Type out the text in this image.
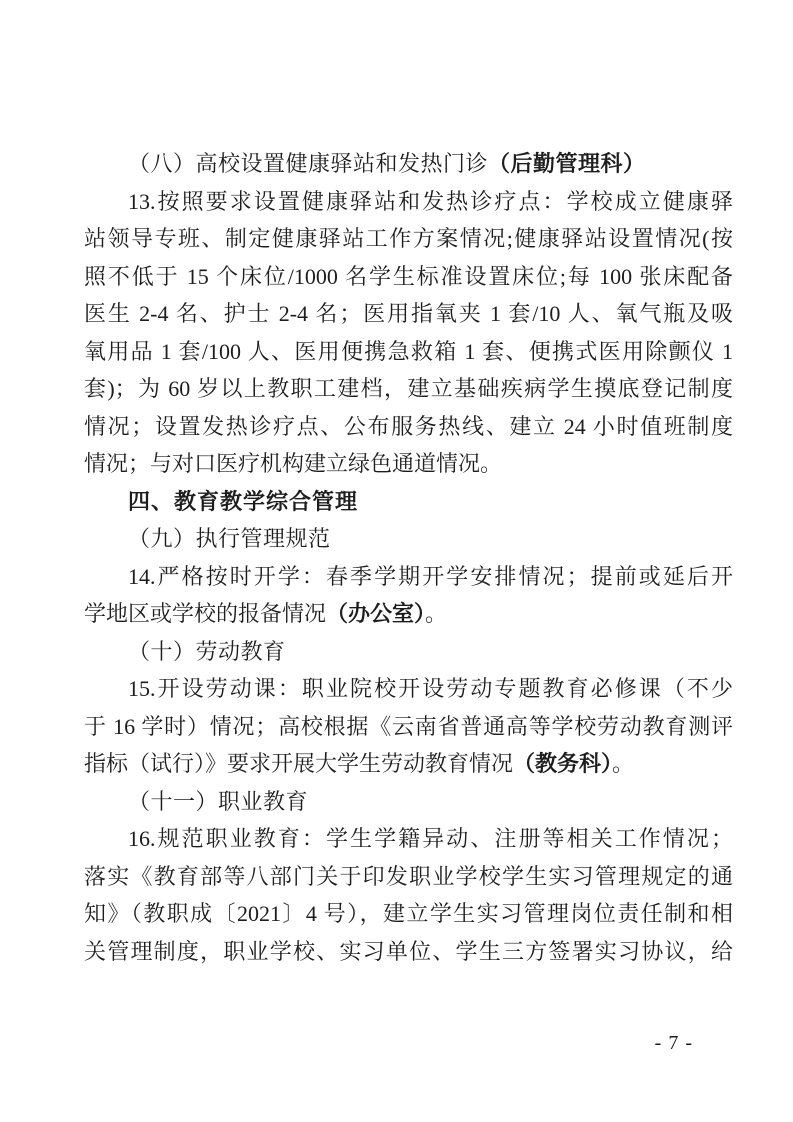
（八）高校设置健康驿站和发热门诊（后勤管理科）
13.按照要求设置健康驿站和发热诊疗点：学校成立健康驿
站领导专班、制定健康驿站工作方案情况;健康驿站设置情况(按
照不低于 15 个床位/1000 名学生标准设置床位;每 100 张床配备
医生 2-4 名、护士 2-4 名；医用指氧夹 1 套/10 人、氧气瓶及吸
氧用品 1 套/100 人、医用便携急救箱 1 套、便携式医用除颤仪 1
套)；为 60 岁以上教职工建档，建立基础疾病学生摸底登记制度
情况；设置发热诊疗点、公布服务热线、建立 24 小时值班制度
情况；与对口医疗机构建立绿色通道情况。
四、教育教学综合管理
（九）执行管理规范
14.严格按时开学：春季学期开学安排情况；提前或延后开
学地区或学校的报备情况（办公室）。
（十）劳动教育
15.开设劳动课：职业院校开设劳动专题教育必修课（不少
于 16 学时）情况；高校根据《云南省普通高等学校劳动教育测评
指标（试行）》要求开展大学生劳动教育情况（教务科）。
（十一）职业教育
16.规范职业教育：学生学籍异动、注册等相关工作情况；
落实《教育部等八部门关于印发职业学校学生实习管理规定的通
知》（教职成〔2021〕4 号），建立学生实习管理岗位责任制和相
关管理制度，职业学校、实习单位、学生三方签署实习协议，给
- 7 -
